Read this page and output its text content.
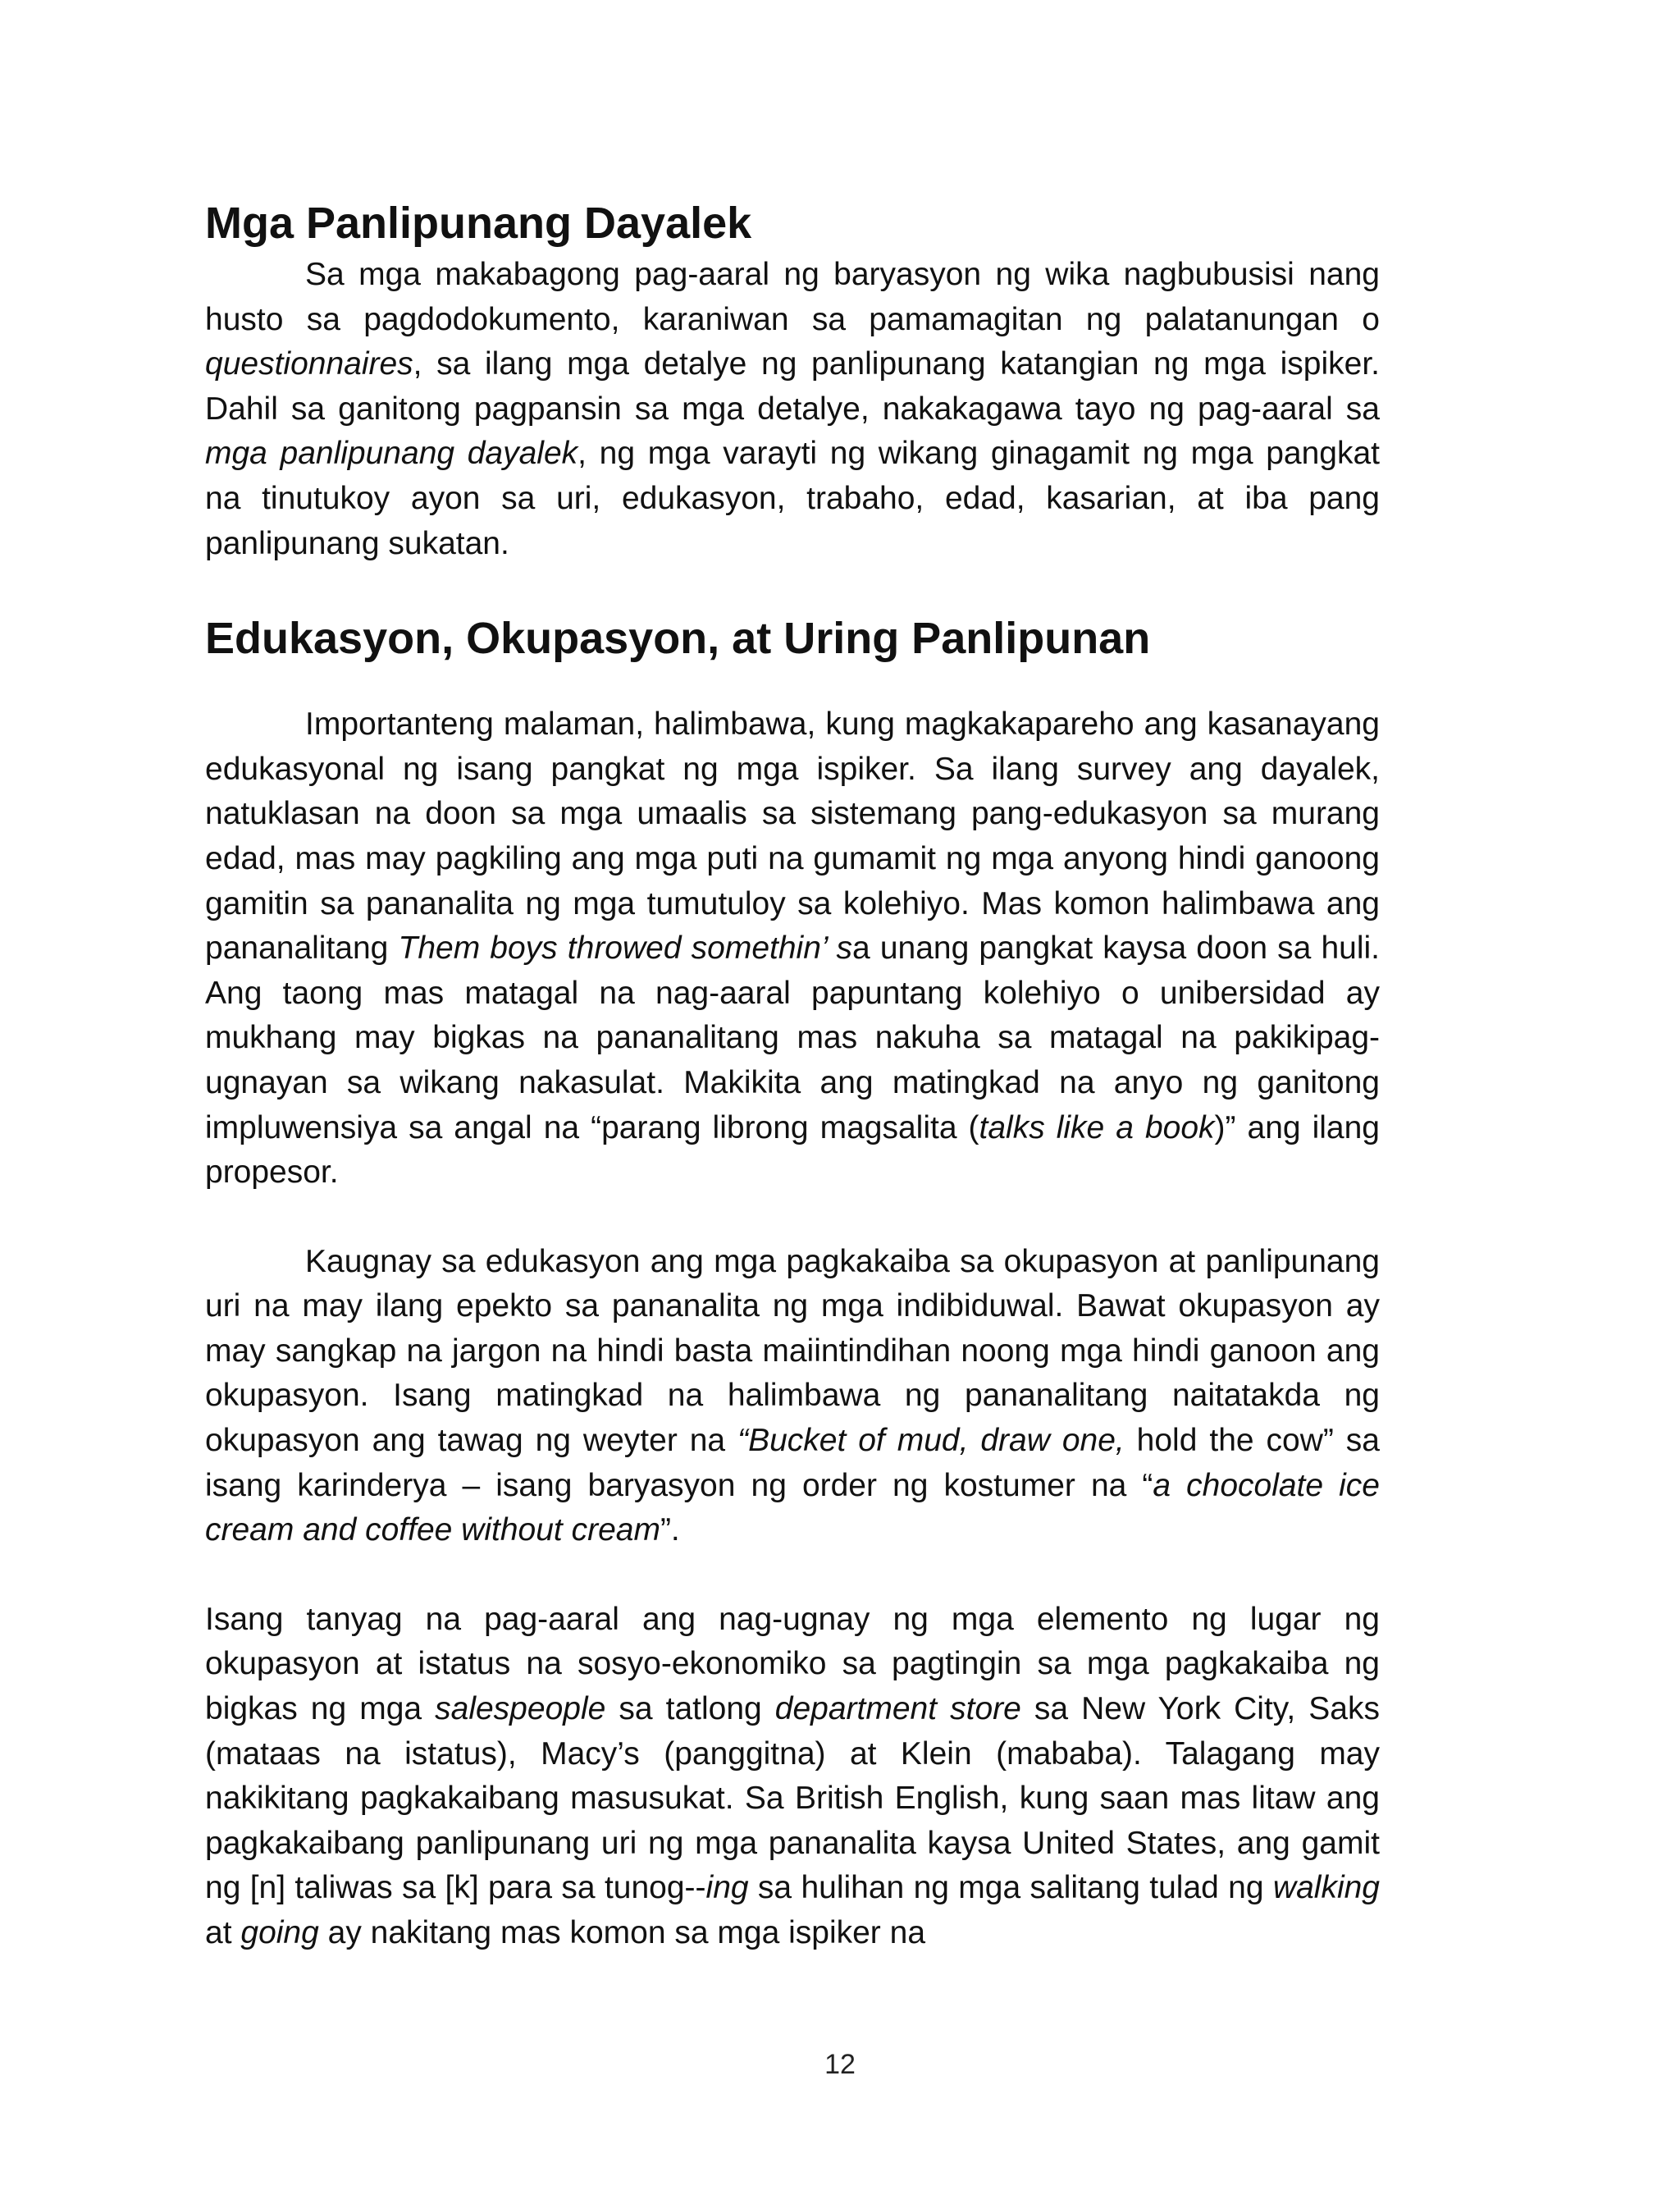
Mga Panlipunang Dayalek

Sa mga makabagong pag-aaral ng baryasyon ng wika nagbubusisi nang husto sa pagdodokumento, karaniwan sa pamamagitan ng palatanungan o questionnaires, sa ilang mga detalye ng panlipunang katangian ng mga ispiker. Dahil sa ganitong pagpansin sa mga detalye, nakakagawa tayo ng pag-aaral sa mga panlipunang dayalek, ng mga varayti ng wikang ginagamit ng mga pangkat na tinutukoy ayon sa uri, edukasyon, trabaho, edad, kasarian, at iba pang panlipunang sukatan.

Edukasyon, Okupasyon, at Uring Panlipunan

Importanteng malaman, halimbawa, kung magkakapareho ang kasanayang edukasyonal ng isang pangkat ng mga ispiker. Sa ilang survey ang dayalek, natuklasan na doon sa mga umaalis sa sistemang pang-edukasyon sa murang edad, mas may pagkiling ang mga puti na gumamit ng mga anyong hindi ganoong gamitin sa pananalita ng mga tumutuloy sa kolehiyo. Mas komon halimbawa ang pananalitang Them boys throwed somethin’ sa unang pangkat kaysa doon sa huli. Ang taong mas matagal na nag-aaral papuntang kolehiyo o unibersidad ay mukhang may bigkas na pananalitang mas nakuha sa matagal na pakikipag-ugnayan sa wikang nakasulat. Makikita ang matingkad na anyo ng ganitong impluwensiya sa angal na “parang librong magsalita (talks like a book)” ang ilang propesor.

Kaugnay sa edukasyon ang mga pagkakaiba sa okupasyon at panlipunang uri na may ilang epekto sa pananalita ng mga indibiduwal. Bawat okupasyon ay may sangkap na jargon na hindi basta maiintindihan noong mga hindi ganoon ang okupasyon. Isang matingkad na halimbawa ng pananalitang naitatakda ng okupasyon ang tawag ng weyter na “Bucket of mud, draw one, hold the cow” sa isang karinderya – isang baryasyon ng order ng kostumer na “a chocolate ice cream and coffee without cream”.

Isang tanyag na pag-aaral ang nag-ugnay ng mga elemento ng lugar ng okupasyon at istatus na sosyo-ekonomiko sa pagtingin sa mga pagkakaiba ng bigkas ng mga salespeople sa tatlong department store sa New York City, Saks (mataas na istatus), Macy’s (panggitna) at Klein (mababa). Talagang may nakikitang pagkakaibang masusukat. Sa British English, kung saan mas litaw ang pagkakaibang panlipunang uri ng mga pananalita kaysa United States, ang gamit ng [n] taliwas sa [k] para sa tunog--ing sa hulihan ng mga salitang tulad ng walking at going ay nakitang mas komon sa mga ispiker na

12
